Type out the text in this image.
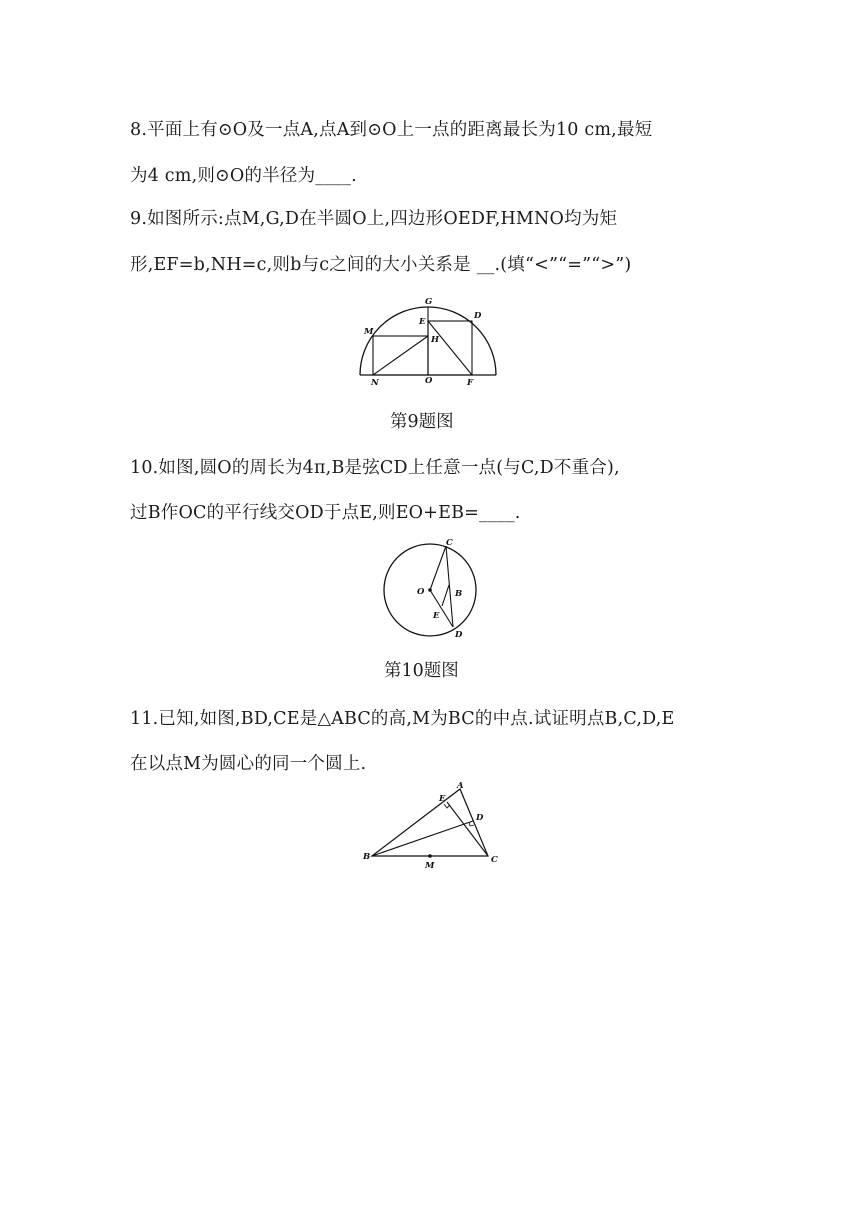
8.平面上有⊙O及一点A,点A到⊙O上一点的距离最长为10 cm,最短
为4 cm,则⊙O的半径为____.
9.如图所示:点M,G,D在半圆O上,四边形OEDF,HMNO均为矩
形,EF=b,NH=c,则b与c之间的大小关系是 __.(填“<”“=”“>”)
G
D
E
M
H
N	O	F
第9题图
10.如图,圆O的周长为4π,B是弦CD上任意一点(与C,D不重合),
过B作OC的平行线交OD于点E,则EO+EB=____.
C
O	B
E
D
第10题图
11.已知,如图,BD,CE是△ABC的高,M为BC的中点.试证明点B,C,D,E
在以点M为圆心的同一个圆上.
A
E
D
B
M
C
